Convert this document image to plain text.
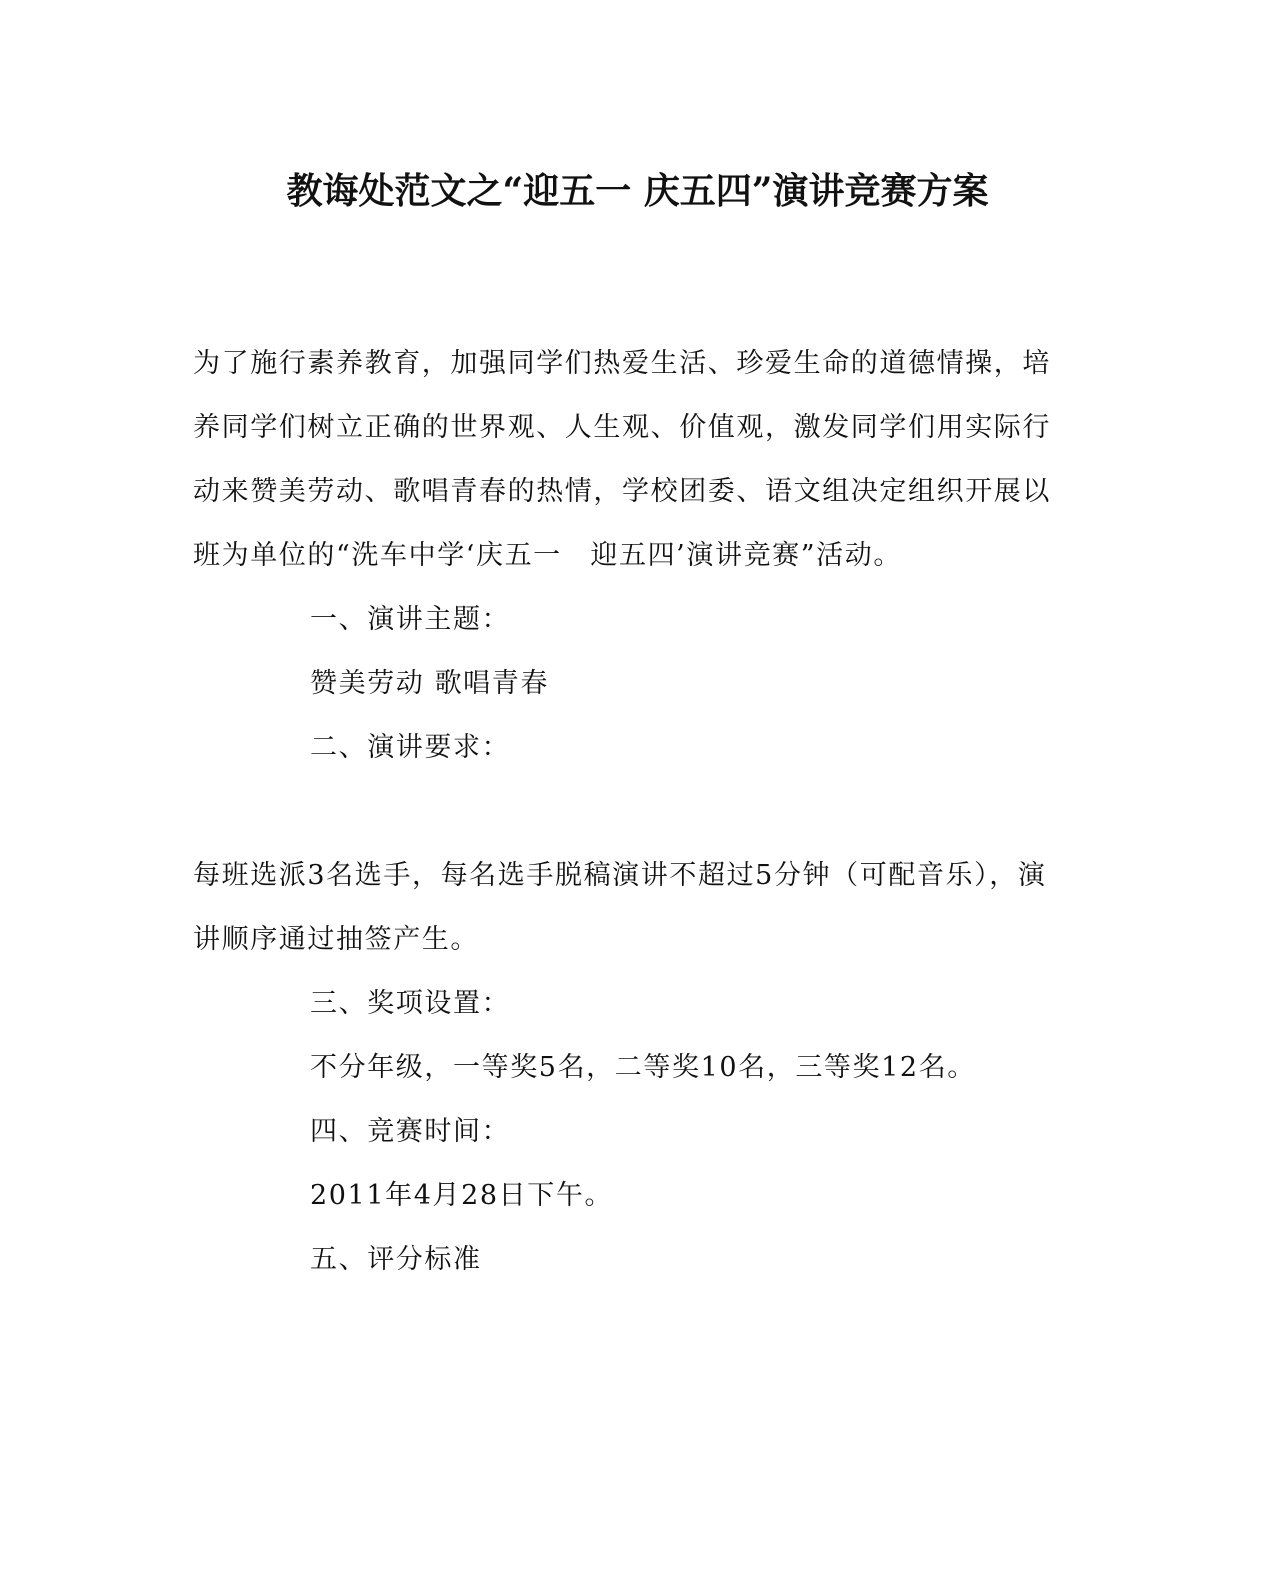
教诲处范文之“迎五一 庆五四”演讲竞赛方案
为了施行素养教育，加强同学们热爱生活、珍爱生命的道德情操，培
养同学们树立正确的世界观、人生观、价值观，激发同学们用实际行
动来赞美劳动、歌唱青春的热情，学校团委、语文组决定组织开展以
班为单位的“洗车中学‘庆五一　迎五四’演讲竞赛”活动。
一、演讲主题：
赞美劳动 歌唱青春
二、演讲要求：
每班选派3名选手，每名选手脱稿演讲不超过5分钟（可配音乐），演
讲顺序通过抽签产生。
三、奖项设置：
不分年级，一等奖5名，二等奖10名，三等奖12名。
四、竞赛时间：
2011年4月28日下午。
五、评分标准
